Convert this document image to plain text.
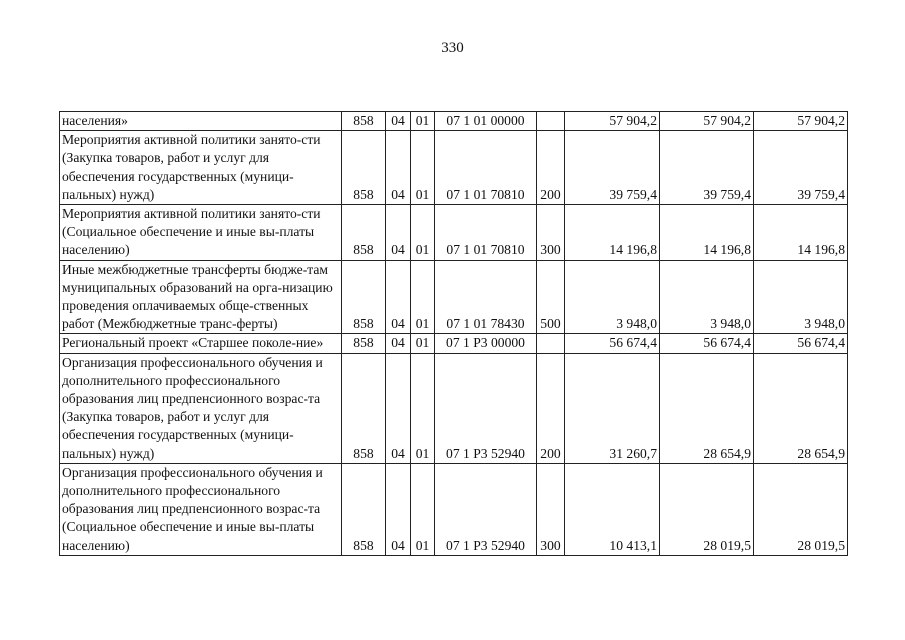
330
населения»	858	04	01	07 1 01 00000		57 904,2	57 904,2	57 904,2
Мероприятия активной политики занято-сти (Закупка товаров, работ и услуг для обеспечения государственных (муници-пальных) нужд)	858	04	01	07 1 01 70810	200	39 759,4	39 759,4	39 759,4
Мероприятия активной политики занято-сти (Социальное обеспечение и иные вы-платы населению)	858	04	01	07 1 01 70810	300	14 196,8	14 196,8	14 196,8
Иные межбюджетные трансферты бюдже-там муниципальных образований на орга-низацию проведения оплачиваемых обще-ственных работ (Межбюджетные транс-ферты)	858	04	01	07 1 01 78430	500	3 948,0	3 948,0	3 948,0
Региональный проект «Старшее поколе-ние»	858	04	01	07 1 P3 00000		56 674,4	56 674,4	56 674,4
Организация профессионального обучения и дополнительного профессионального образования лиц предпенсионного возрас-та (Закупка товаров, работ и услуг для обеспечения государственных (муници-пальных) нужд)	858	04	01	07 1 P3 52940	200	31 260,7	28 654,9	28 654,9
Организация профессионального обучения и дополнительного профессионального образования лиц предпенсионного возрас-та (Социальное обеспечение и иные вы-платы населению)	858	04	01	07 1 P3 52940	300	10 413,1	28 019,5	28 019,5
